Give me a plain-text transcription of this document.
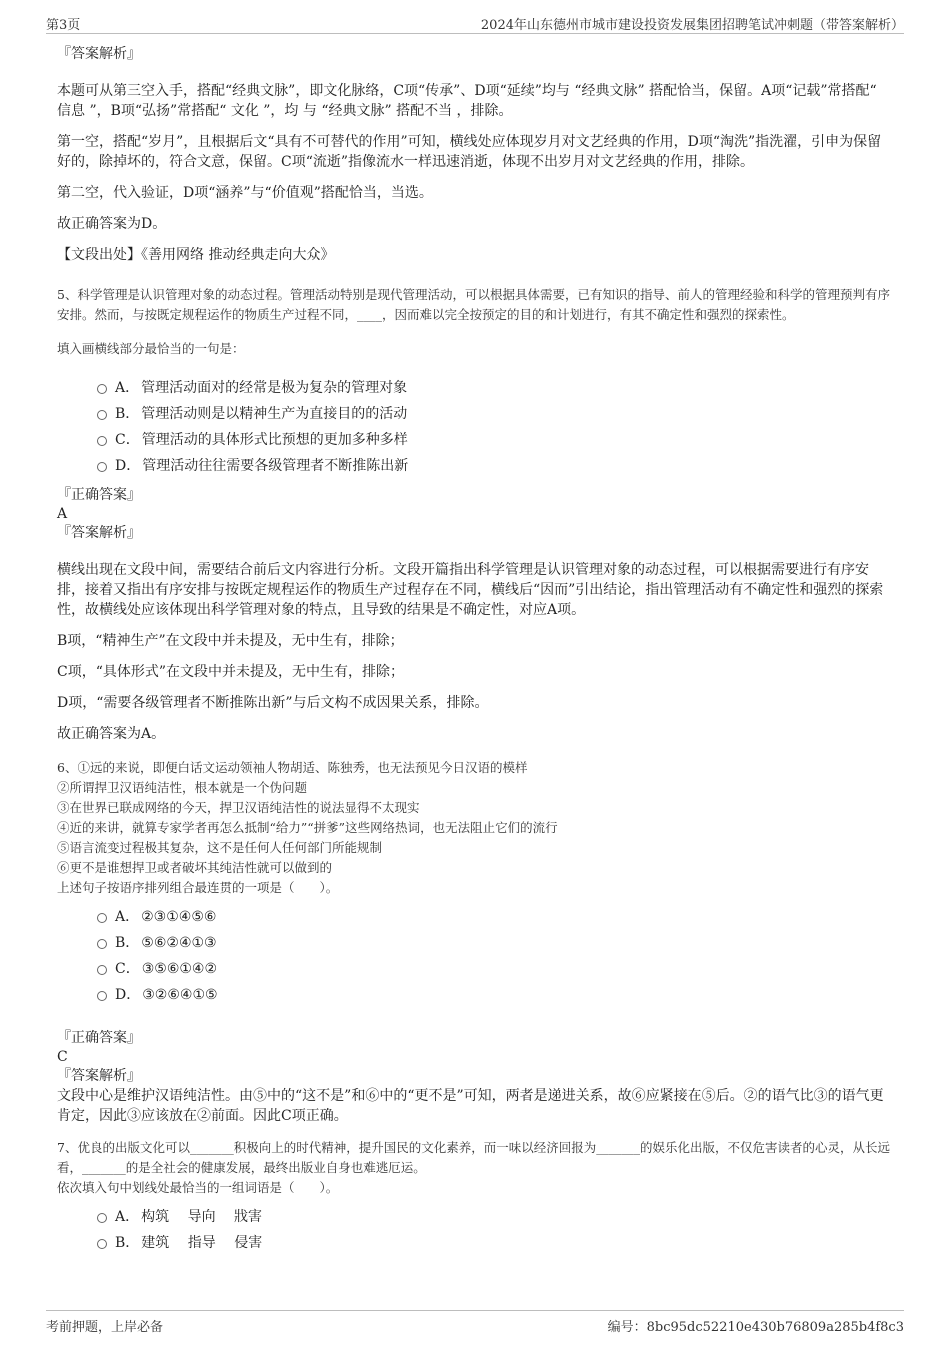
第3页	2024年山东德州市城市建设投资发展集团招聘笔试冲刺题（带答案解析）

『答案解析』

本题可从第三空入手，搭配“经典文脉”，即文化脉络，C项“传承”、D项“延续”均与 “经典文脉” 搭配恰当，保留。A项“记载”常搭配“ 信息 ”，B项“弘扬”常搭配“ 文化 ”，均 与 “经典文脉” 搭配不当 ，排除。

第一空，搭配“岁月”，且根据后文“具有不可替代的作用”可知，横线处应体现岁月对文艺经典的作用，D项“淘洗”指洗濯，引申为保留好的，除掉坏的，符合文意，保留。C项“流逝”指像流水一样迅速消逝，体现不出岁月对文艺经典的作用，排除。

第二空，代入验证，D项“涵养”与“价值观”搭配恰当，当选。

故正确答案为D。

【文段出处】《善用网络 推动经典走向大众》

5、科学管理是认识管理对象的动态过程。管理活动特别是现代管理活动，可以根据具体需要，已有知识的指导、前人的管理经验和科学的管理预判有序安排。然而，与按既定规程运作的物质生产过程不同，____，因而难以完全按预定的目的和计划进行，有其不确定性和强烈的探索性。

填入画横线部分最恰当的一句是：

A． 管理活动面对的经常是极为复杂的管理对象
B． 管理活动则是以精神生产为直接目的的活动
C． 管理活动的具体形式比预想的更加多种多样
D． 管理活动往往需要各级管理者不断推陈出新

『正确答案』

A

『答案解析』

横线出现在文段中间，需要结合前后文内容进行分析。文段开篇指出科学管理是认识管理对象的动态过程，可以根据需要进行有序安排，接着又指出有序安排与按既定规程运作的物质生产过程存在不同，横线后“因而”引出结论，指出管理活动有不确定性和强烈的探索性，故横线处应该体现出科学管理对象的特点，且导致的结果是不确定性，对应A项。

B项，“精神生产”在文段中并未提及，无中生有，排除；

C项，“具体形式”在文段中并未提及，无中生有，排除；

D项，“需要各级管理者不断推陈出新”与后文构不成因果关系，排除。

故正确答案为A。

6、①远的来说，即便白话文运动领袖人物胡适、陈独秀，也无法预见今日汉语的模样

②所谓捍卫汉语纯洁性，根本就是一个伪问题

③在世界已联成网络的今天，捍卫汉语纯洁性的说法显得不太现实

④近的来讲，就算专家学者再怎么抵制“给力”“拼爹”这些网络热词，也无法阻止它们的流行

⑤语言流变过程极其复杂，这不是任何人任何部门所能规制

⑥更不是谁想捍卫或者破坏其纯洁性就可以做到的

上述句子按语序排列组合最连贯的一项是（　　）。

A． ②③①④⑤⑥
B． ⑤⑥②④①③
C． ③⑤⑥①④②
D． ③②⑥④①⑤

『正确答案』

C

『答案解析』

文段中心是维护汉语纯洁性。由⑤中的“这不是”和⑥中的“更不是”可知，两者是递进关系，故⑥应紧接在⑤后。②的语气比③的语气更肯定，因此③应该放在②前面。因此C项正确。

7、优良的出版文化可以_______积极向上的时代精神，提升国民的文化素养，而一味以经济回报为_______的娱乐化出版，不仅危害读者的心灵，从长远看，_______的是全社会的健康发展，最终出版业自身也难逃厄运。

依次填入句中划线处最恰当的一组词语是（　　）。

A． 构筑　 导向　 戕害
B． 建筑　 指导　 侵害
考前押题，上岸必备	编号：8bc95dc52210e430b76809a285b4f8c3
